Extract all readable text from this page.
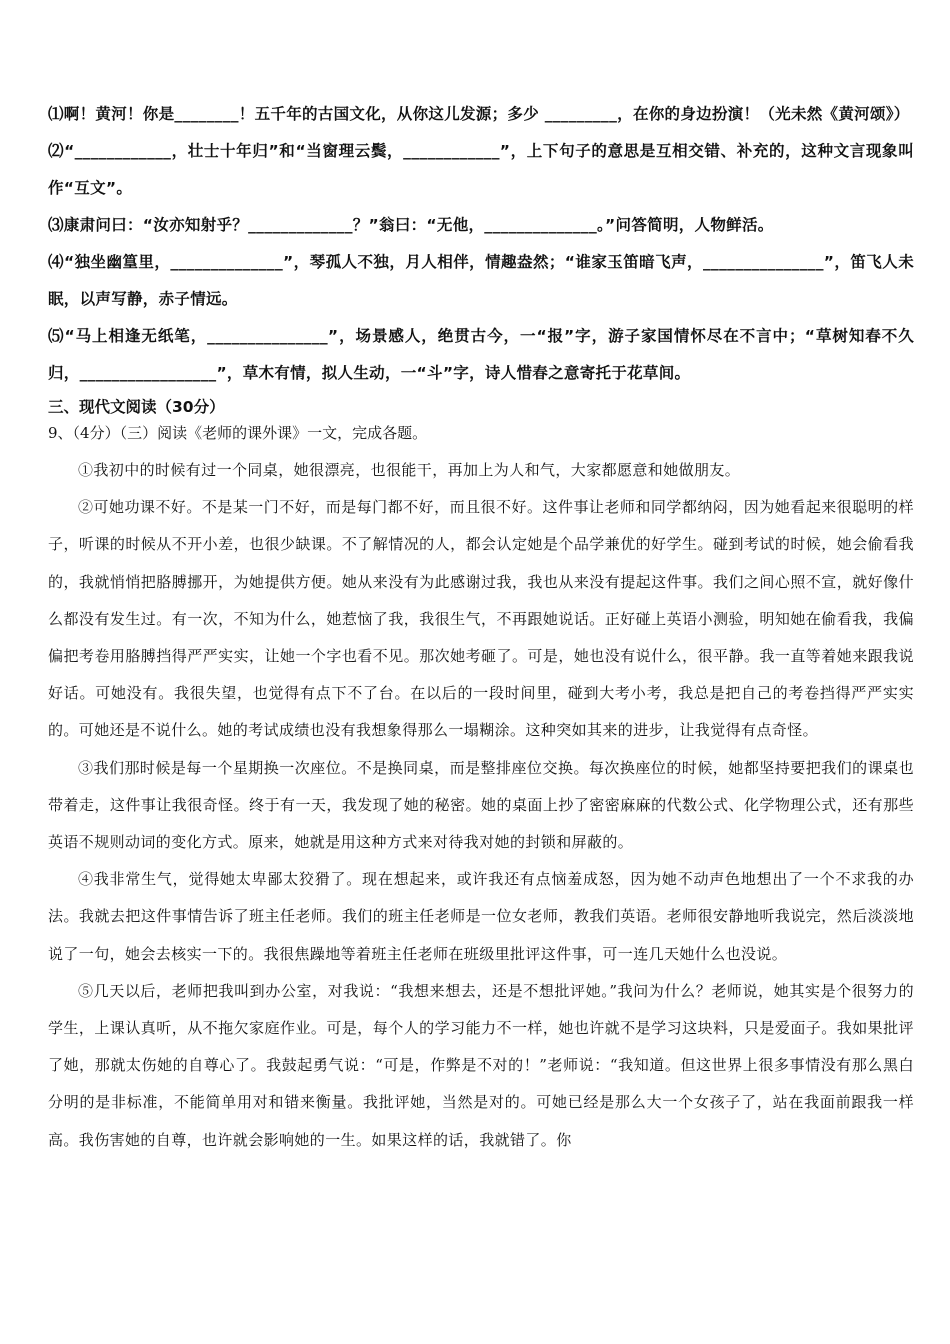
⑴啊！黄河！你是________！五千年的古国文化，从你这儿发源；多少 _________，在你的身边扮演！（光未然《黄河颂》）

⑵“____________，壮士十年归”和“当窗理云鬓，____________”，上下句子的意思是互相交错、补充的，这种文言现象叫作“互文”。

⑶康肃问曰：“汝亦知射乎？_____________？”翁曰：“无他，______________。”问答简明，人物鲜活。

⑷“独坐幽篁里，______________”，琴孤人不独，月人相伴，情趣盎然；“谁家玉笛暗飞声，_______________”，笛飞人未眠，以声写静，赤子情远。

⑸“马上相逢无纸笔，_______________”，场景感人，绝贯古今，一“报”字，游子家国情怀尽在不言中；“草树知春不久归，_________________”，草木有情，拟人生动，一“斗”字，诗人惜春之意寄托于花草间。

三、现代文阅读（30分）
9、（4分）（三）阅读《老师的课外课》一文，完成各题。

①我初中的时候有过一个同桌，她很漂亮，也很能干，再加上为人和气，大家都愿意和她做朋友。

②可她功课不好。不是某一门不好，而是每门都不好，而且很不好。这件事让老师和同学都纳闷，因为她看起来很聪明的样子，听课的时候从不开小差，也很少缺课。不了解情况的人，都会认定她是个品学兼优的好学生。碰到考试的时候，她会偷看我的，我就悄悄把胳膊挪开，为她提供方便。她从来没有为此感谢过我，我也从来没有提起这件事。我们之间心照不宣，就好像什么都没有发生过。有一次，不知为什么，她惹恼了我，我很生气，不再跟她说话。正好碰上英语小测验，明知她在偷看我，我偏偏把考卷用胳膊挡得严严实实，让她一个字也看不见。那次她考砸了。可是，她也没有说什么，很平静。我一直等着她来跟我说好话。可她没有。我很失望，也觉得有点下不了台。在以后的一段时间里，碰到大考小考，我总是把自己的考卷挡得严严实实的。可她还是不说什么。她的考试成绩也没有我想象得那么一塌糊涂。这种突如其来的进步，让我觉得有点奇怪。

③我们那时候是每一个星期换一次座位。不是换同桌，而是整排座位交换。每次换座位的时候，她都坚持要把我们的课桌也带着走，这件事让我很奇怪。终于有一天，我发现了她的秘密。她的桌面上抄了密密麻麻的代数公式、化学物理公式，还有那些英语不规则动词的变化方式。原来，她就是用这种方式来对待我对她的封锁和屏蔽的。

④我非常生气，觉得她太卑鄙太狡猾了。现在想起来，或许我还有点恼羞成怒，因为她不动声色地想出了一个不求我的办法。我就去把这件事情告诉了班主任老师。我们的班主任老师是一位女老师，教我们英语。老师很安静地听我说完，然后淡淡地说了一句，她会去核实一下的。我很焦躁地等着班主任老师在班级里批评这件事，可一连几天她什么也没说。

⑤几天以后，老师把我叫到办公室，对我说：“我想来想去，还是不想批评她。”我问为什么？老师说，她其实是个很努力的学生，上课认真听，从不拖欠家庭作业。可是，每个人的学习能力不一样，她也许就不是学习这块料，只是爱面子。我如果批评了她，那就太伤她的自尊心了。我鼓起勇气说：“可是，作弊是不对的！”老师说：“我知道。但这世界上很多事情没有那么黑白分明的是非标准，不能简单用对和错来衡量。我批评她，当然是对的。可她已经是那么大一个女孩子了，站在我面前跟我一样高。我伤害她的自尊，也许就会影响她的一生。如果这样的话，我就错了。你
